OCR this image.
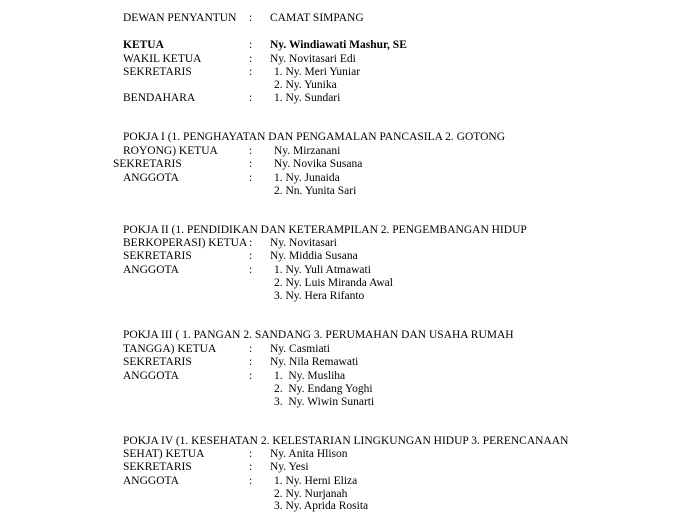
DEWAN PENYANTUN : CAMAT SIMPANG
KETUA	: Ny. Windiawati Mashur, SE
WAKIL KETUA	: Ny. Novitasari Edi
SEKRETARIS	: 1. Ny. Meri Yuniar
2. Ny. Yunika
BENDAHARA	: 1. Ny. Sundari
POKJA I (1. PENGHAYATAN DAN PENGAMALAN PANCASILA 2. GOTONG
ROYONG) KETUA	: Ny. Mirzanani
SEKRETARIS	: Ny. Novika Susana
ANGGOTA	: 1. Ny. Junaida
2. Nn. Yunita Sari
POKJA II (1. PENDIDIKAN DAN KETERAMPILAN 2. PENGEMBANGAN HIDUP
BERKOPERASI) KETUA : Ny. Novitasari
SEKRETARIS	: Ny. Middia Susana
ANGGOTA	: 1. Ny. Yuli Atmawati
2. Ny. Luis Miranda Awal
3. Ny. Hera Rifanto
POKJA III ( 1. PANGAN 2. SANDANG 3. PERUMAHAN DAN USAHA RUMAH
TANGGA) KETUA	: Ny. Casmiati
SEKRETARIS	: Ny. Nila Remawati
ANGGOTA	: 1.  Ny. Musliha
2.  Ny. Endang Yoghi
3.  Ny. Wiwin Sunarti
POKJA IV (1. KESEHATAN 2. KELESTARIAN LINGKUNGAN HIDUP 3. PERENCANAAN
SEHAT) KETUA	: Ny. Anita Hlison
SEKRETARIS	: Ny. Yesi
ANGGOTA	: 1. Ny. Herni Eliza
2. Ny. Nurjanah
3. Ny. Aprida Rosita
